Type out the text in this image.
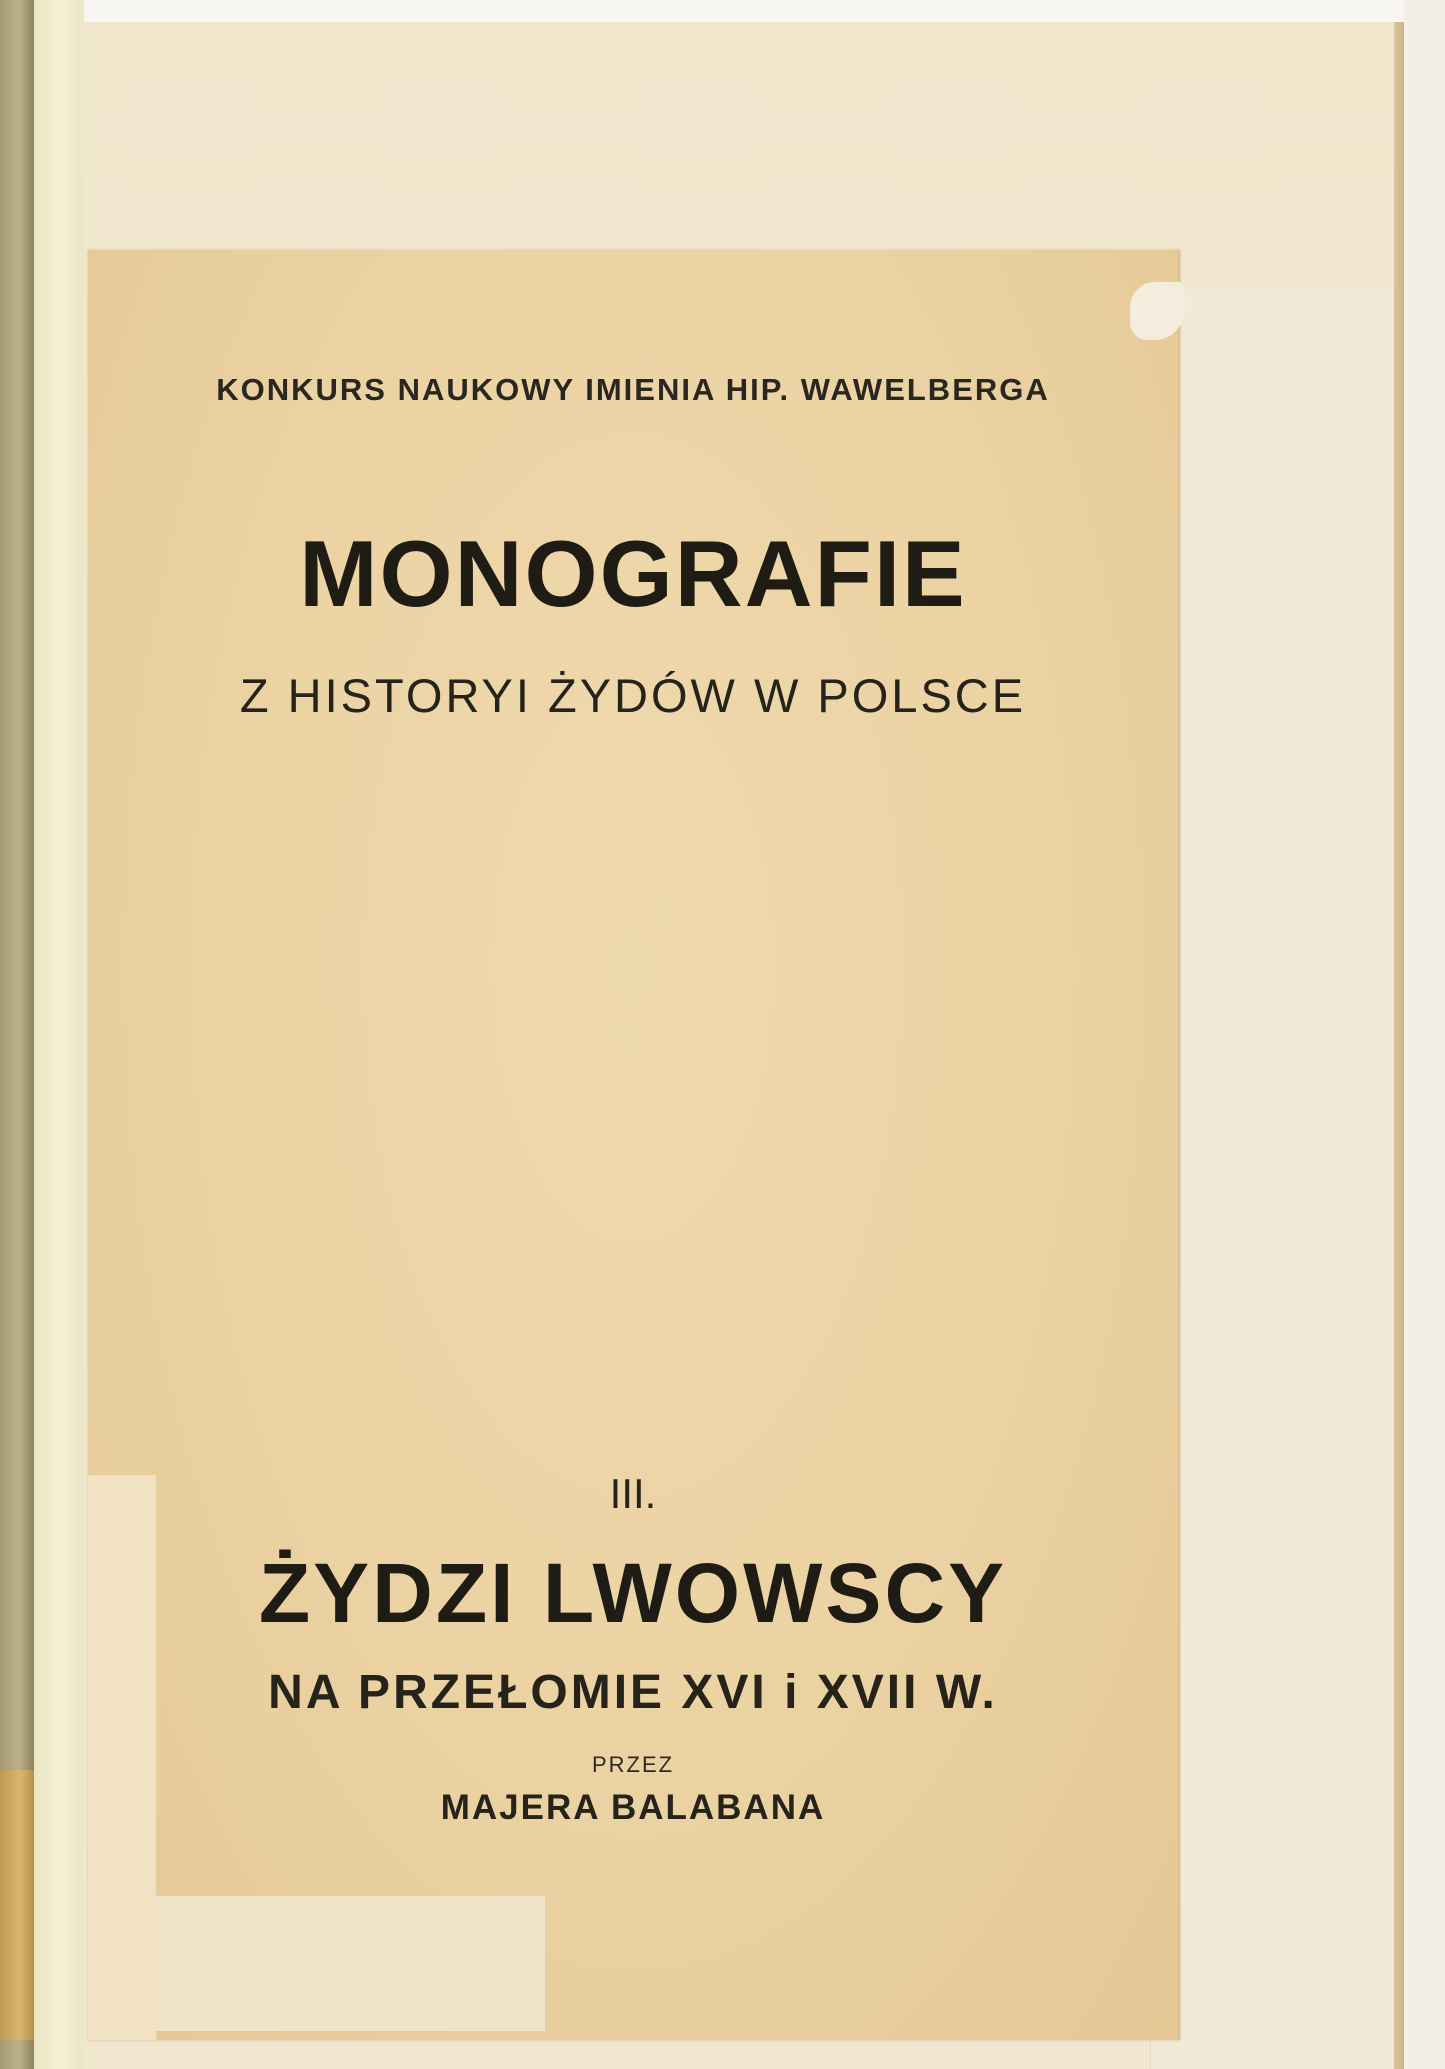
KONKURS NAUKOWY IMIENIA HIP. WAWELBERGA
MONOGRAFIE
Z HISTORYI ŻYDÓW W POLSCE
III.
ŻYDZI LWOWSCY
NA PRZEŁOMIE XVI i XVII W.
PRZEZ
MAJERA BALABANA
